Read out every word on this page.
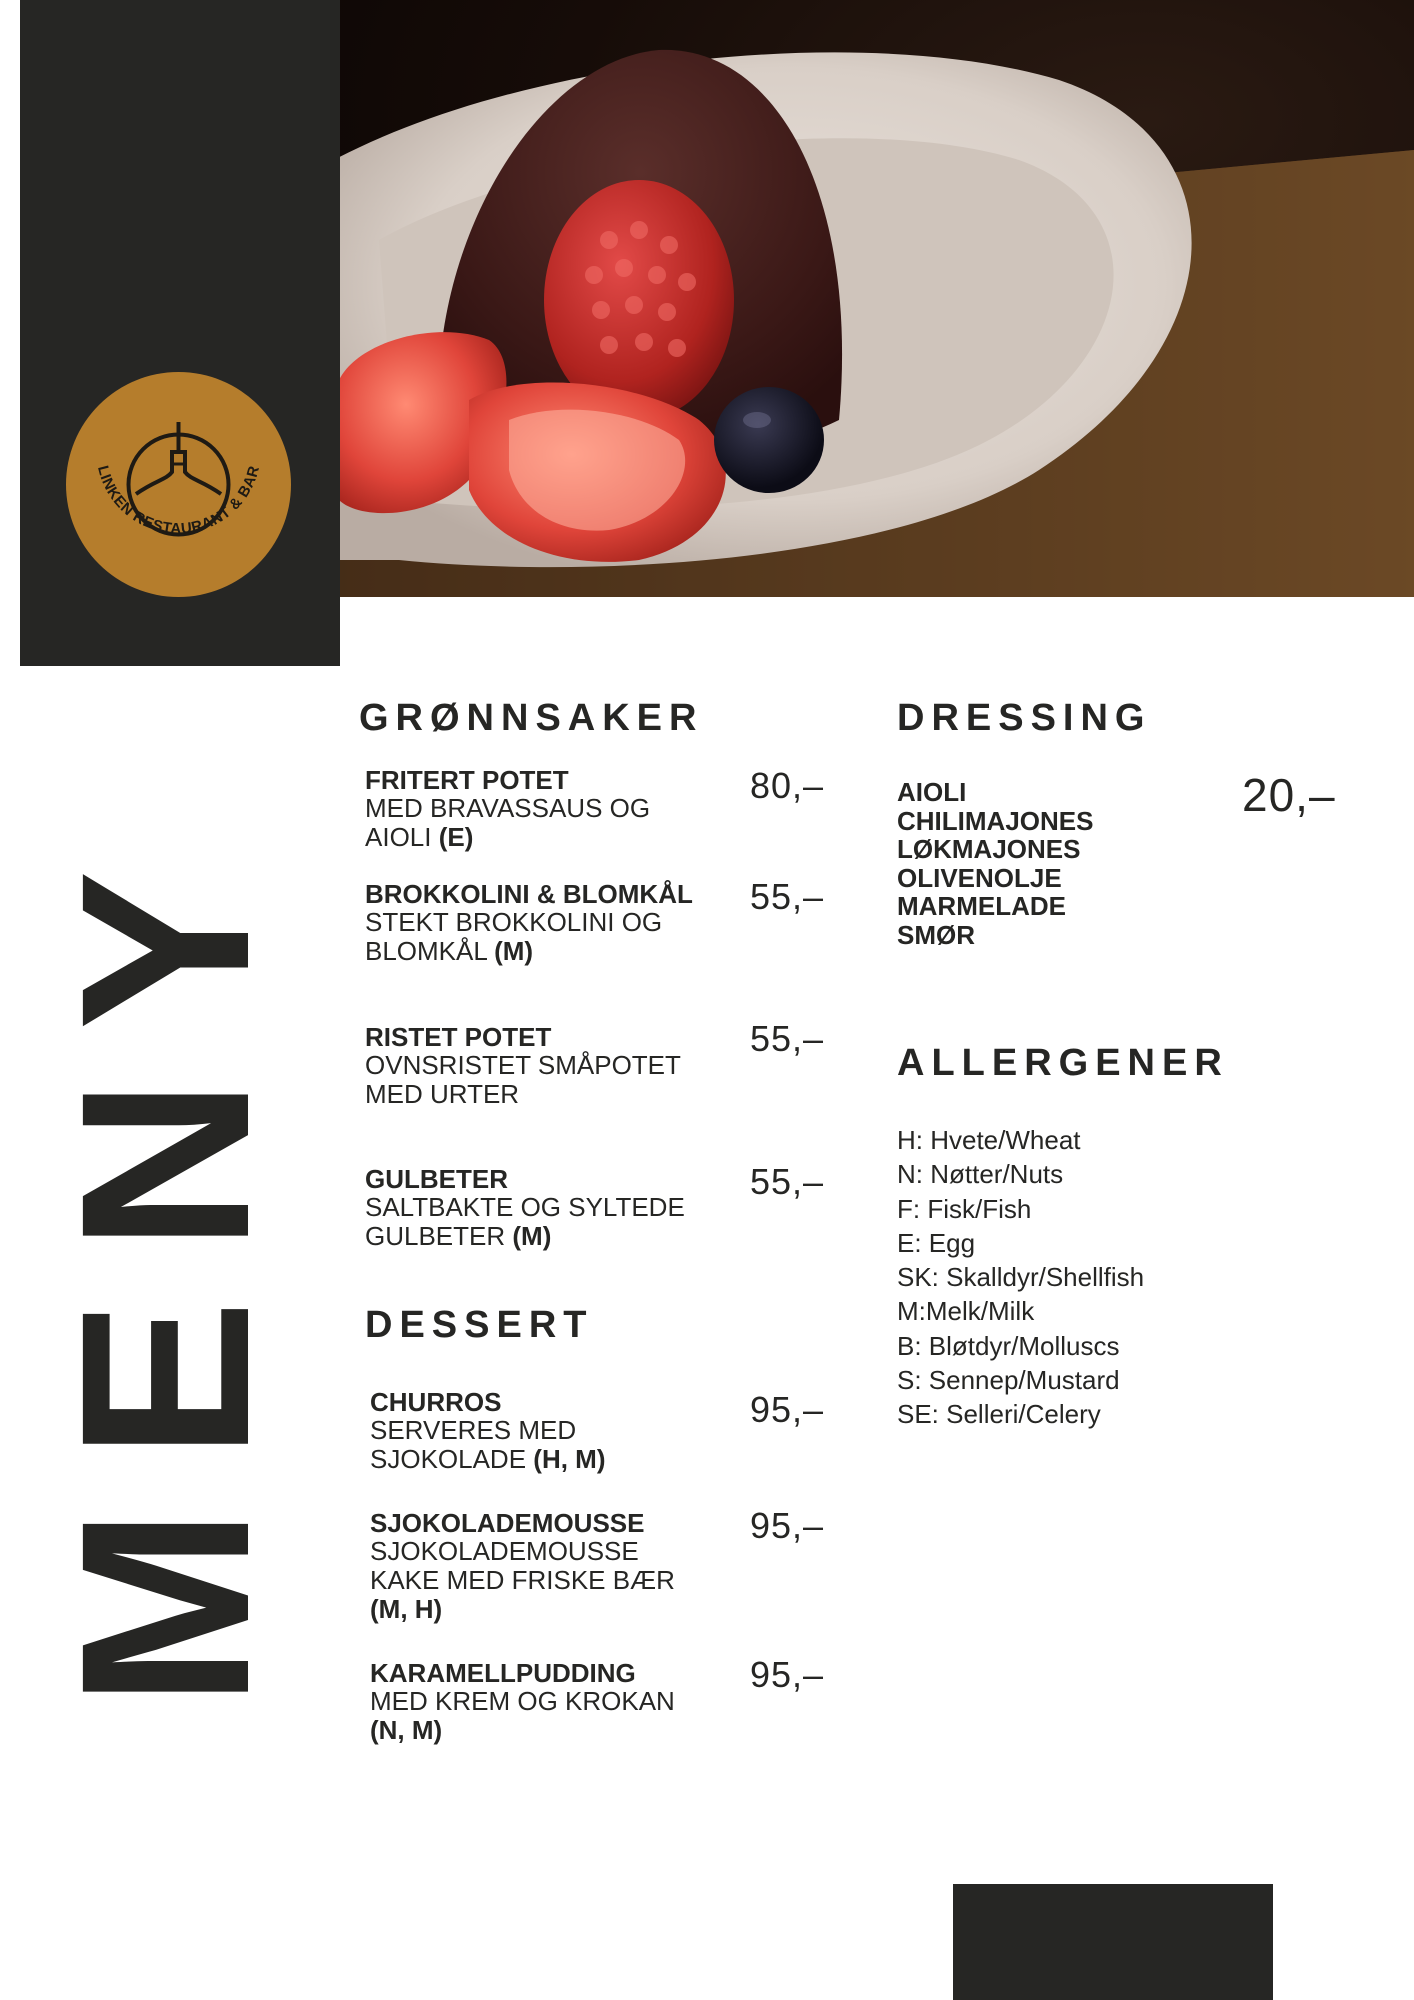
LINKEN RESTAURANT & BAR
MENY
GRØNNSAKER
FRITERT POTET
MED BRAVASSAUS OG AIOLI (E)
80,–
BROKKOLINI & BLOMKÅL
STEKT BROKKOLINI OG BLOMKÅL (M)
55,–
RISTET POTET
OVNSRISTET SMÅPOTET MED URTER
55,–
GULBETER
SALTBAKTE OG SYLTEDE GULBETER (M)
55,–
DESSERT
CHURROS
SERVERES MED SJOKOLADE (H, M)
95,–
SJOKOLADEMOUSSE
SJOKOLADEMOUSSE KAKE MED FRISKE BÆR (M, H)
95,–
KARAMELLPUDDING
MED KREM OG KROKAN (N, M)
95,–
DRESSING
20,–
AIOLI
CHILIMAJONES
LØKMAJONES
OLIVENOLJE
MARMELADE
SMØR
ALLERGENER
H: Hvete/Wheat
N: Nøtter/Nuts
F: Fisk/Fish
E: Egg
SK: Skalldyr/Shellfish
M:Melk/Milk
B: Bløtdyr/Molluscs
S: Sennep/Mustard
SE: Selleri/Celery
